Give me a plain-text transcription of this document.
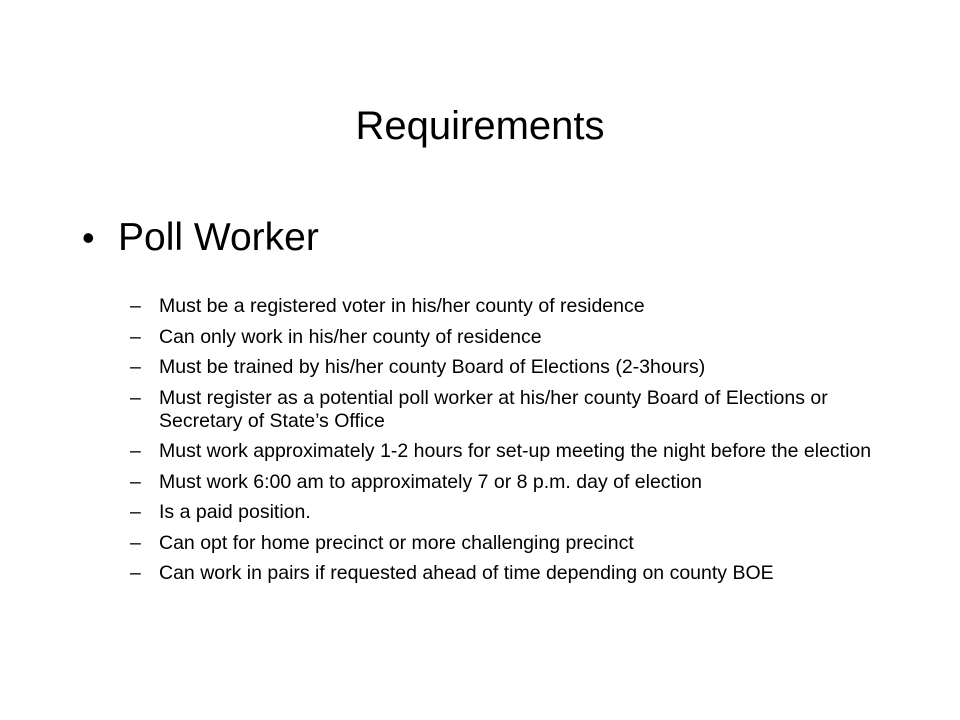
Requirements
• Poll Worker
– Must be a registered voter in his/her county of residence
– Can only work in his/her county of residence
– Must be trained by his/her county Board of Elections (2-3hours)
– Must register as a potential poll worker at his/her county Board of Elections or Secretary of State’s Office
– Must work approximately 1-2 hours for set-up meeting the night before the election
– Must work 6:00 am to approximately 7 or 8 p.m. day of election
– Is a paid position.
– Can opt for home precinct or more challenging precinct
– Can work in pairs if requested ahead of time depending on county BOE
